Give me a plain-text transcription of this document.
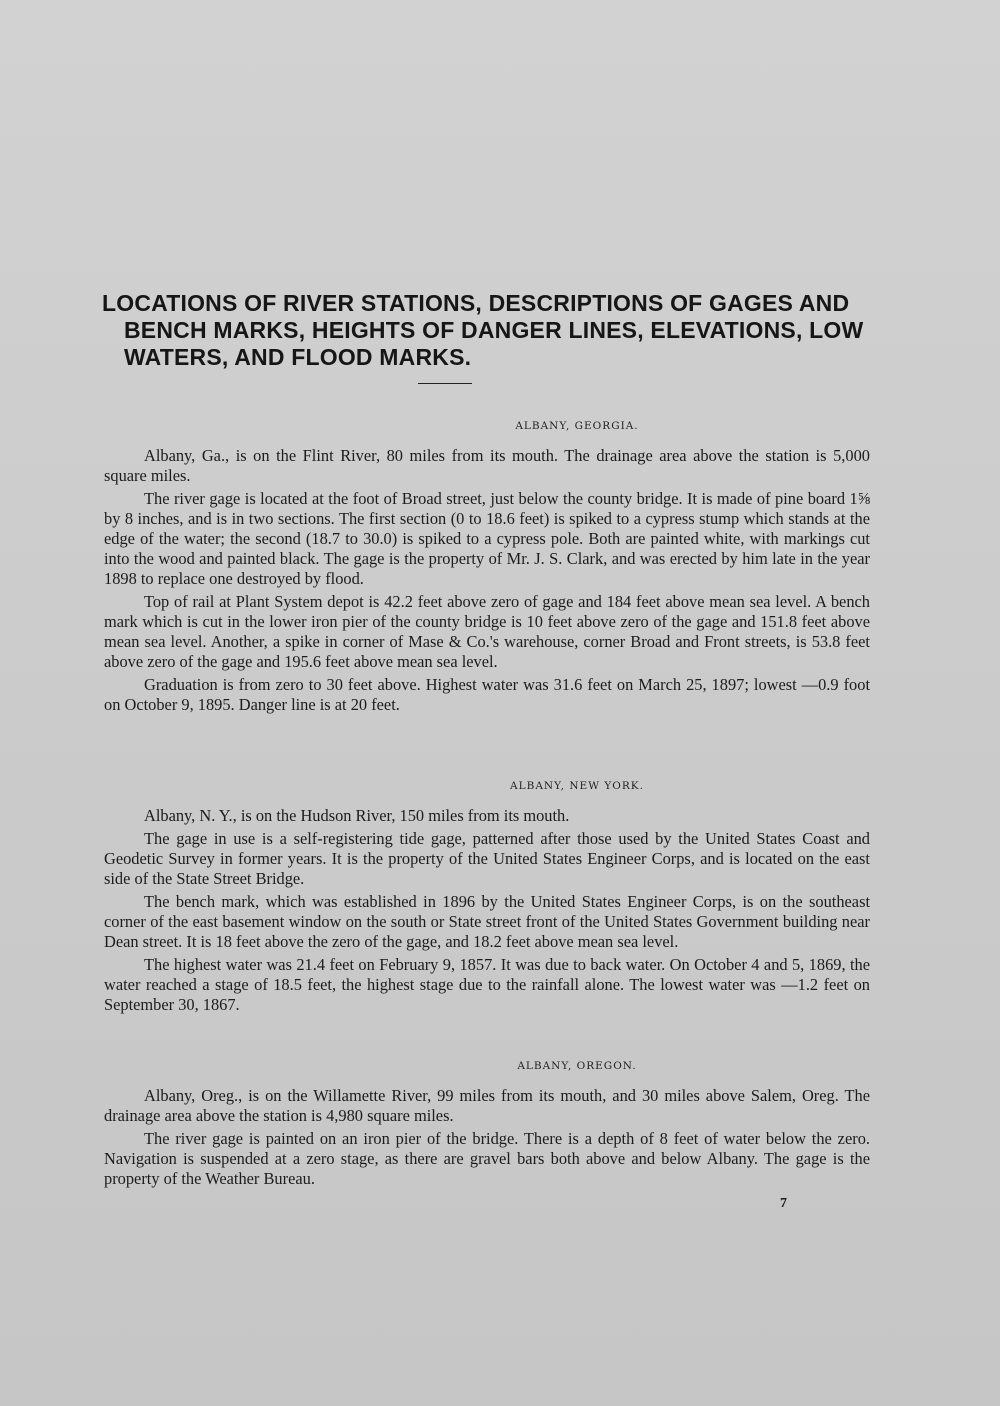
LOCATIONS OF RIVER STATIONS, DESCRIPTIONS OF GAGES AND BENCH MARKS, HEIGHTS OF DANGER LINES, ELEVATIONS, LOW WATERS, AND FLOOD MARKS.
ALBANY, GEORGIA.

Albany, Ga., is on the Flint River, 80 miles from its mouth. The drainage area above the station is 5,000 square miles.

The river gage is located at the foot of Broad street, just below the county bridge. It is made of pine board 1⅝ by 8 inches, and is in two sections. The first section (0 to 18.6 feet) is spiked to a cypress stump which stands at the edge of the water; the second (18.7 to 30.0) is spiked to a cypress pole. Both are painted white, with markings cut into the wood and painted black. The gage is the property of Mr. J. S. Clark, and was erected by him late in the year 1898 to replace one destroyed by flood.

Top of rail at Plant System depot is 42.2 feet above zero of gage and 184 feet above mean sea level. A bench mark which is cut in the lower iron pier of the county bridge is 10 feet above zero of the gage and 151.8 feet above mean sea level. Another, a spike in corner of Mase & Co.'s warehouse, corner Broad and Front streets, is 53.8 feet above zero of the gage and 195.6 feet above mean sea level.

Graduation is from zero to 30 feet above. Highest water was 31.6 feet on March 25, 1897; lowest —0.9 foot on October 9, 1895. Danger line is at 20 feet.

ALBANY, NEW YORK.

Albany, N. Y., is on the Hudson River, 150 miles from its mouth.

The gage in use is a self-registering tide gage, patterned after those used by the United States Coast and Geodetic Survey in former years. It is the property of the United States Engineer Corps, and is located on the east side of the State Street Bridge.

The bench mark, which was established in 1896 by the United States Engineer Corps, is on the southeast corner of the east basement window on the south or State street front of the United States Government building near Dean street. It is 18 feet above the zero of the gage, and 18.2 feet above mean sea level.

The highest water was 21.4 feet on February 9, 1857. It was due to back water. On October 4 and 5, 1869, the water reached a stage of 18.5 feet, the highest stage due to the rainfall alone. The lowest water was —1.2 feet on September 30, 1867.

ALBANY, OREGON.

Albany, Oreg., is on the Willamette River, 99 miles from its mouth, and 30 miles above Salem, Oreg. The drainage area above the station is 4,980 square miles.

The river gage is painted on an iron pier of the bridge. There is a depth of 8 feet of water below the zero. Navigation is suspended at a zero stage, as there are gravel bars both above and below Albany. The gage is the property of the Weather Bureau.

7
